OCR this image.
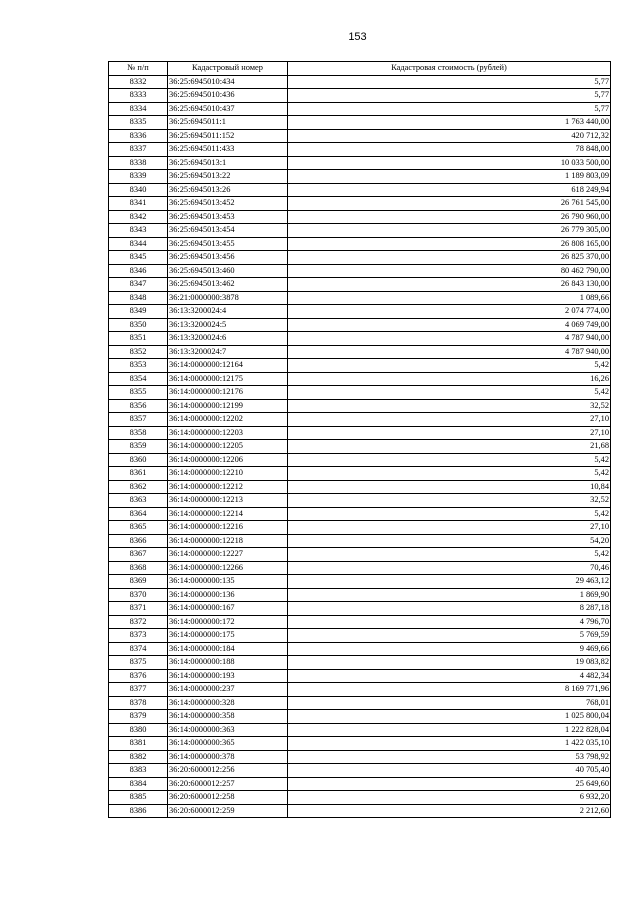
153
№ п/п	Кадастровый номер	Кадастровая стоимость (рублей)
8332	36:25:6945010:434	5,77
8333	36:25:6945010:436	5,77
8334	36:25:6945010:437	5,77
8335	36:25:6945011:1	1 763 440,00
8336	36:25:6945011:152	420 712,32
8337	36:25:6945011:433	78 848,00
8338	36:25:6945013:1	10 033 500,00
8339	36:25:6945013:22	1 189 803,09
8340	36:25:6945013:26	618 249,94
8341	36:25:6945013:452	26 761 545,00
8342	36:25:6945013:453	26 790 960,00
8343	36:25:6945013:454	26 779 305,00
8344	36:25:6945013:455	26 808 165,00
8345	36:25:6945013:456	26 825 370,00
8346	36:25:6945013:460	80 462 790,00
8347	36:25:6945013:462	26 843 130,00
8348	36:21:0000000:3878	1 089,66
8349	36:13:3200024:4	2 074 774,00
8350	36:13:3200024:5	4 069 749,00
8351	36:13:3200024:6	4 787 940,00
8352	36:13:3200024:7	4 787 940,00
8353	36:14:0000000:12164	5,42
8354	36:14:0000000:12175	16,26
8355	36:14:0000000:12176	5,42
8356	36:14:0000000:12199	32,52
8357	36:14:0000000:12202	27,10
8358	36:14:0000000:12203	27,10
8359	36:14:0000000:12205	21,68
8360	36:14:0000000:12206	5,42
8361	36:14:0000000:12210	5,42
8362	36:14:0000000:12212	10,84
8363	36:14:0000000:12213	32,52
8364	36:14:0000000:12214	5,42
8365	36:14:0000000:12216	27,10
8366	36:14:0000000:12218	54,20
8367	36:14:0000000:12227	5,42
8368	36:14:0000000:12266	70,46
8369	36:14:0000000:135	29 463,12
8370	36:14:0000000:136	1 869,90
8371	36:14:0000000:167	8 287,18
8372	36:14:0000000:172	4 796,70
8373	36:14:0000000:175	5 769,59
8374	36:14:0000000:184	9 469,66
8375	36:14:0000000:188	19 083,82
8376	36:14:0000000:193	4 482,34
8377	36:14:0000000:237	8 169 771,96
8378	36:14:0000000:328	768,01
8379	36:14:0000000:358	1 025 800,04
8380	36:14:0000000:363	1 222 828,04
8381	36:14:0000000:365	1 422 035,10
8382	36:14:0000000:378	53 798,92
8383	36:20:6000012:256	40 705,40
8384	36:20:6000012:257	25 649,60
8385	36:20:6000012:258	6 932,20
8386	36:20:6000012:259	2 212,60
